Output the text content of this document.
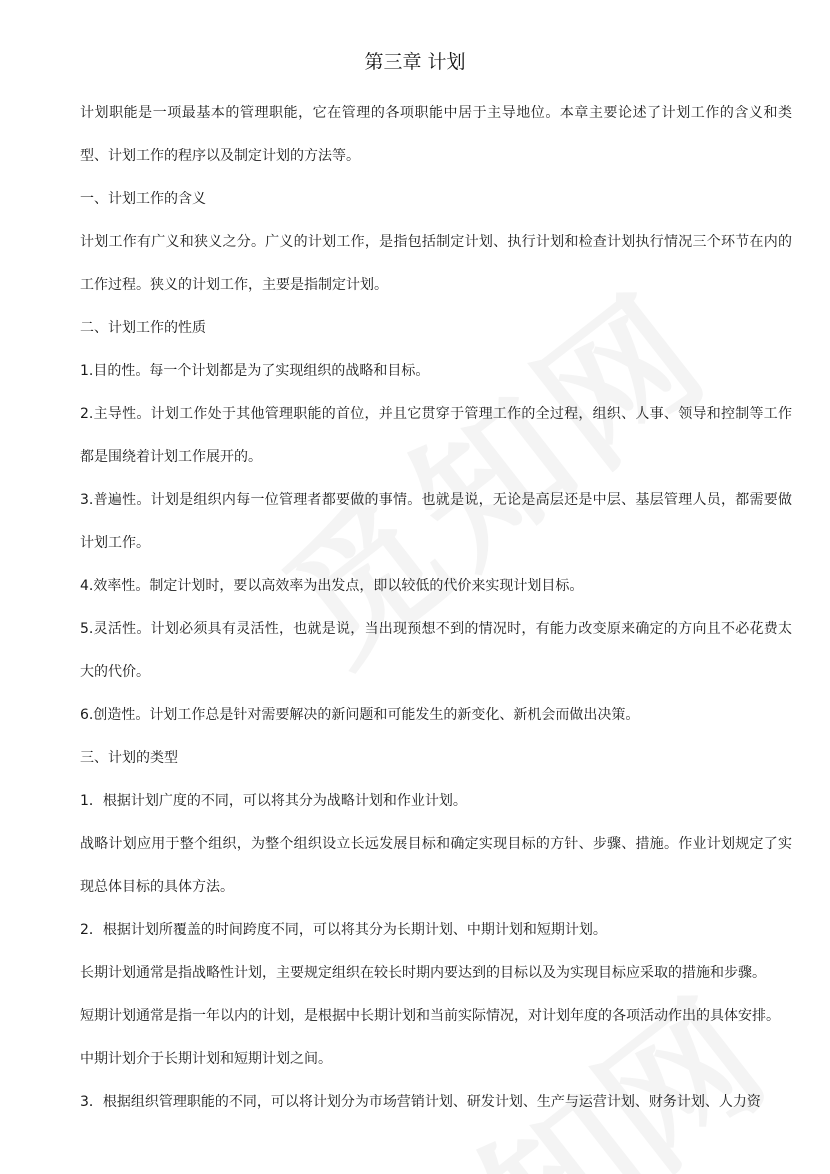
第三章 计划

计划职能是一项最基本的管理职能，它在管理的各项职能中居于主导地位。本章主要论述了计划工作的含义和类型、计划工作的程序以及制定计划的方法等。

一、计划工作的含义

计划工作有广义和狭义之分。广义的计划工作，是指包括制定计划、执行计划和检查计划执行情况三个环节在内的工作过程。狭义的计划工作，主要是指制定计划。

二、计划工作的性质

1.目的性。每一个计划都是为了实现组织的战略和目标。

2.主导性。计划工作处于其他管理职能的首位，并且它贯穿于管理工作的全过程，组织、人事、领导和控制等工作都是围绕着计划工作展开的。

3.普遍性。计划是组织内每一位管理者都要做的事情。也就是说，无论是高层还是中层、基层管理人员，都需要做计划工作。

4.效率性。制定计划时，要以高效率为出发点，即以较低的代价来实现计划目标。

5.灵活性。计划必须具有灵活性，也就是说，当出现预想不到的情况时，有能力改变原来确定的方向且不必花费太大的代价。

6.创造性。计划工作总是针对需要解决的新问题和可能发生的新变化、新机会而做出决策。

三、计划的类型

1．根据计划广度的不同，可以将其分为战略计划和作业计划。

战略计划应用于整个组织，为整个组织设立长远发展目标和确定实现目标的方针、步骤、措施。作业计划规定了实现总体目标的具体方法。

2．根据计划所覆盖的时间跨度不同，可以将其分为长期计划、中期计划和短期计划。

长期计划通常是指战略性计划，主要规定组织在较长时期内要达到的目标以及为实现目标应采取的措施和步骤。

短期计划通常是指一年以内的计划，是根据中长期计划和当前实际情况，对计划年度的各项活动作出的具体安排。

中期计划介于长期计划和短期计划之间。

3．根据组织管理职能的不同，可以将计划分为市场营销计划、研发计划、生产与运营计划、财务计划、人力资
